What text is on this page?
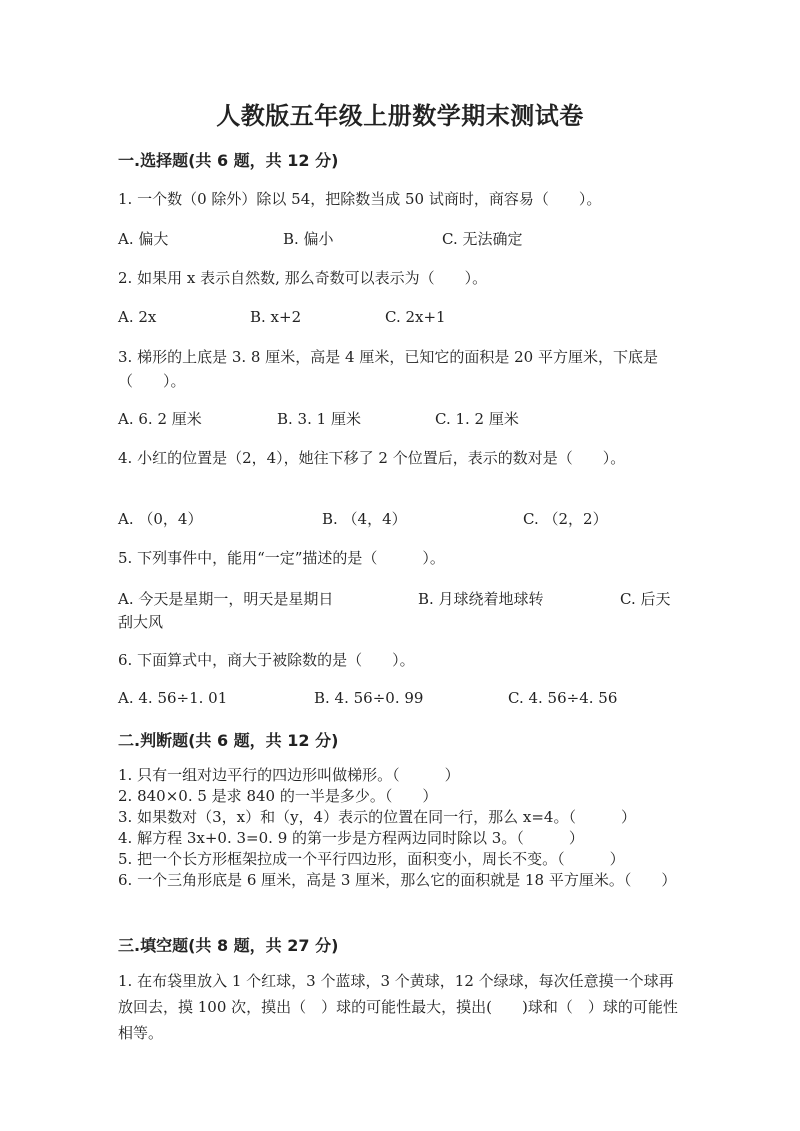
人教版五年级上册数学期末测试卷
一.选择题(共 6 题，共 12 分)
1. 一个数（0 除外）除以 54，把除数当成 50 试商时，商容易（　　）。
A. 偏大	B. 偏小	C. 无法确定
2. 如果用 x 表示自然数, 那么奇数可以表示为（　　）。
A. 2x	B. x+2	C. 2x+1
3. 梯形的上底是 3. 8 厘米，高是 4 厘米，已知它的面积是 20 平方厘米，下底是（　　）。
A. 6. 2 厘米	B. 3. 1 厘米	C. 1. 2 厘米
4. 小红的位置是（2，4），她往下移了 2 个位置后，表示的数对是（　　）。
A. （0，4）	B. （4，4）	C. （2，2）
5. 下列事件中，能用“一定”描述的是（　　　）。
A. 今天是星期一，明天是星期日	B. 月球绕着地球转	C. 后天
刮大风
6. 下面算式中，商大于被除数的是（　　）。
A. 4. 56÷1. 01	B. 4. 56÷0. 99	C. 4. 56÷4. 56
二.判断题(共 6 题，共 12 分)
1. 只有一组对边平行的四边形叫做梯形。（　　　）
2. 840×0. 5 是求 840 的一半是多少。（　　）
3. 如果数对（3，x）和（y，4）表示的位置在同一行，那么 x=4。（　　　）
4. 解方程 3x+0. 3=0. 9 的第一步是方程两边同时除以 3。（　　　）
5. 把一个长方形框架拉成一个平行四边形，面积变小，周长不变。（　　　）
6. 一个三角形底是 6 厘米，高是 3 厘米，那么它的面积就是 18 平方厘米。（　　）
三.填空题(共 8 题，共 27 分)
1. 在布袋里放入 1 个红球，3 个蓝球，3 个黄球，12 个绿球，每次任意摸一个球再放回去，摸 100 次，摸出（　）球的可能性最大，摸出(　　)球和（　）球的可能性相等。
